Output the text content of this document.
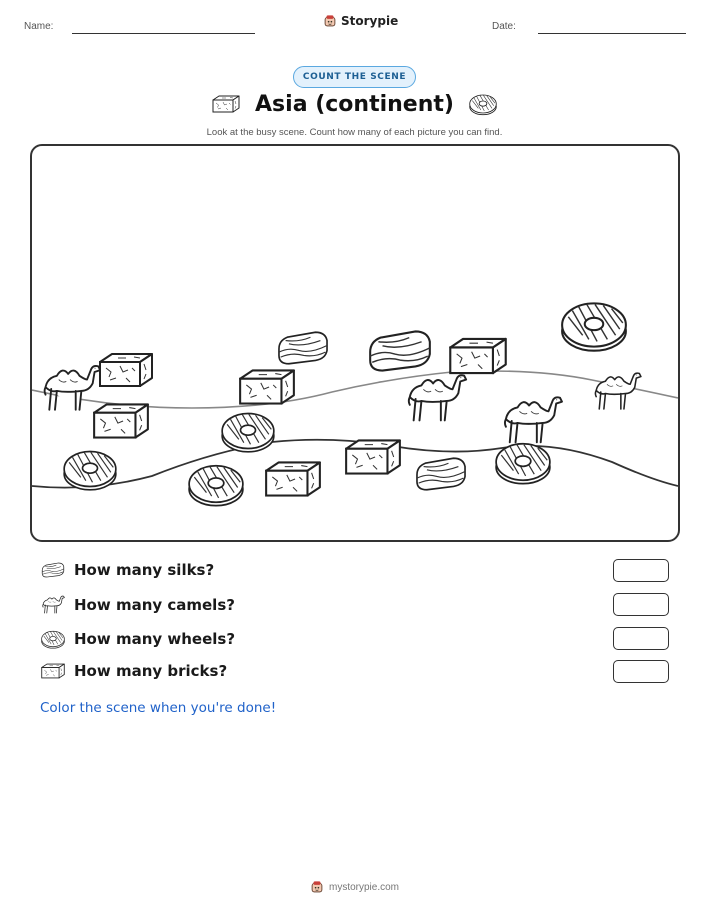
Name:	Storypie	Date:
COUNT THE SCENE
Asia (continent)
Look at the busy scene. Count how many of each picture you can find.
How many silks?
How many camels?
How many wheels?
How many bricks?
Color the scene when you're done!
mystorypie.com
